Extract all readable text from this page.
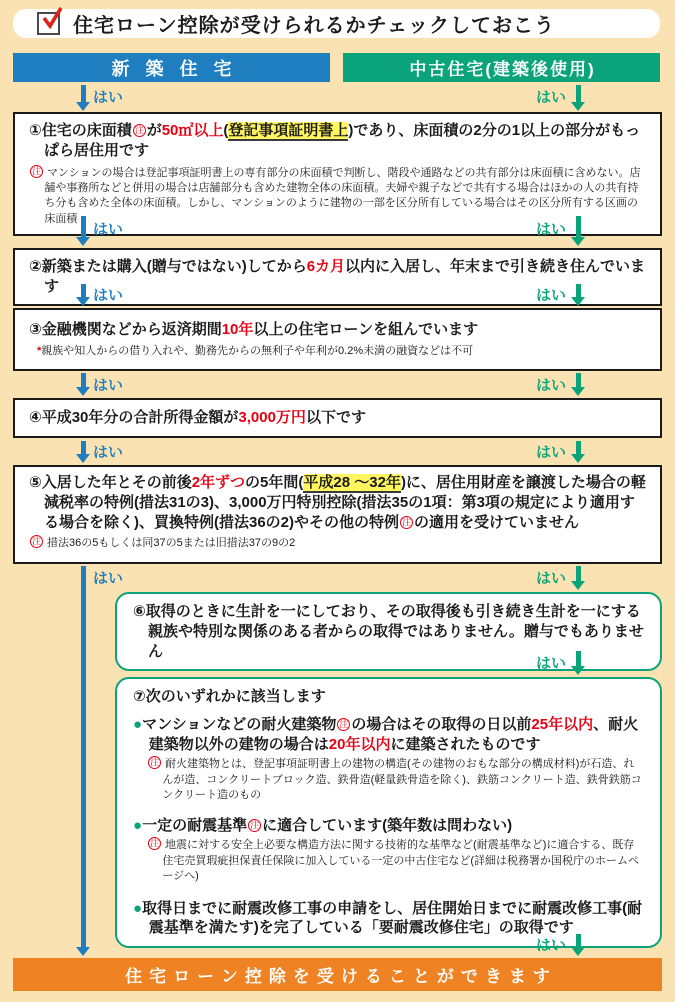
住宅ローン控除が受けられるかチェックしておこう
新築住宅	中古住宅(建築後使用)
はい	はい
①住宅の床面積 注 が50㎡以上(登記事項証明書上)であり、床面積の2分の1以上の部分がもっぱら居住用です
注 マンションの場合は登記事項証明書上の専有部分の床面積で判断し、階段や通路などの共有部分は床面積に含めない。店舗や事務所などと併用の場合は店舗部分も含めた建物全体の床面積。夫婦や親子などで共有する場合はほかの人の共有持ち分も含めた全体の床面積。しかし、マンションのように建物の一部を区分所有している場合はその区分所有する区画の床面積
はい	はい
②新築または購入(贈与ではない)してから6カ月以内に入居し、年末まで引き続き住んでいます
はい	はい
③金融機関などから返済期間10年以上の住宅ローンを組んでいます
*親族や知人からの借り入れや、勤務先からの無利子や年利が0.2%未満の融資などは不可
はい	はい
④平成30年分の合計所得金額が3,000万円以下です
はい	はい
⑤入居した年とその前後2年ずつの5年間(平成28 〜32年)に、居住用財産を譲渡した場合の軽減税率の特例(措法31の3)、3,000万円特別控除(措法35の1項：第3項の規定により適用する場合を除く)、買換特例(措法36の2)やその他の特例 注 の適用を受けていません
注 措法36の5もしくは同37の5または旧措法37の9の2
はい	はい
⑥取得のときに生計を一にしており、その取得後も引き続き生計を一にする親族や特別な関係のある者からの取得ではありません。贈与でもありません
はい
⑦次のいずれかに該当します
●マンションなどの耐火建築物 注 の場合はその取得の日以前25年以内、耐火建築物以外の建物の場合は20年以内に建築されたものです
注 耐火建築物とは、登記事項証明書上の建物の構造(その建物のおもな部分の構成材料)が石造、れんが造、コンクリートブロック造、鉄骨造(軽量鉄骨造を除く)、鉄筋コンクリート造、鉄骨鉄筋コンクリート造のもの
●一定の耐震基準 注 に適合しています(築年数は問わない)
注 地震に対する安全上必要な構造方法に関する技術的な基準など(耐震基準など)に適合する、既存住宅売買瑕疵担保責任保険に加入している一定の中古住宅など(詳細は税務署か国税庁のホームページへ)
●取得日までに耐震改修工事の申請をし、居住開始日までに耐震改修工事(耐震基準を満たす)を完了している「要耐震改修住宅」の取得です
はい
住宅ローン控除を受けることができます
